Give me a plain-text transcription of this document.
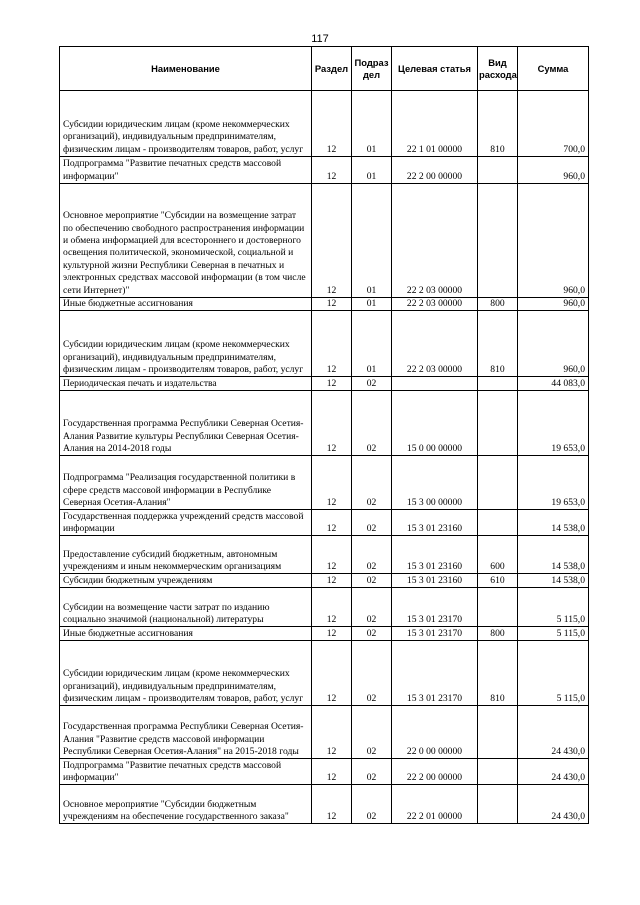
117
Наименование	Раздел	Подраз дел	Целевая статья	Вид расхода	Сумма
Субсидии юридическим лицам (кроме некоммерческих организаций), индивидуальным предпринимателям, физическим лицам - производителям товаров, работ, услуг	12	01	22 1 01 00000	810	700,0
Подпрограмма "Развитие печатных средств массовой информации"	12	01	22 2 00 00000		960,0
Основное мероприятие "Субсидии на возмещение затрат по обеспечению свободного распространения информации и обмена информацией для всестороннего и достоверного освещения политической, экономической, социальной и культурной жизни Республики Северная в печатных и электронных средствах массовой информации (в том числе сети Интернет)"	12	01	22 2 03 00000		960,0
Иные бюджетные ассигнования	12	01	22 2 03 00000	800	960,0
Субсидии юридическим лицам (кроме некоммерческих организаций), индивидуальным предпринимателям, физическим лицам - производителям товаров, работ, услуг	12	01	22 2 03 00000	810	960,0
Периодическая печать и издательства	12	02			44 083,0
Государственная программа Республики Северная Осетия-Алания Развитие культуры Республики Северная Осетия-Алания на 2014-2018 годы	12	02	15 0 00 00000		19 653,0
Подпрограмма "Реализация государственной политики в сфере средств массовой информации в Республике Северная Осетия-Алания"	12	02	15 3 00 00000		19 653,0
Государственная поддержка учреждений средств массовой информации	12	02	15 3 01 23160		14 538,0
Предоставление субсидий бюджетным, автономным учреждениям и иным некоммерческим организациям	12	02	15 3 01 23160	600	14 538,0
Субсидии бюджетным учреждениям	12	02	15 3 01 23160	610	14 538,0
Субсидии на возмещение части затрат по изданию социально значимой (национальной) литературы	12	02	15 3 01 23170		5 115,0
Иные бюджетные ассигнования	12	02	15 3 01 23170	800	5 115,0
Субсидии юридическим лицам (кроме некоммерческих организаций), индивидуальным предпринимателям, физическим лицам - производителям товаров, работ, услуг	12	02	15 3 01 23170	810	5 115,0
Государственная программа Республики Северная Осетия-Алания "Развитие средств массовой информации Республики Северная Осетия-Алания" на 2015-2018 годы	12	02	22 0 00 00000		24 430,0
Подпрограмма "Развитие печатных средств массовой информации"	12	02	22 2 00 00000		24 430,0
Основное мероприятие "Субсидии бюджетным учреждениям на обеспечение государственного заказа"	12	02	22 2 01 00000		24 430,0
